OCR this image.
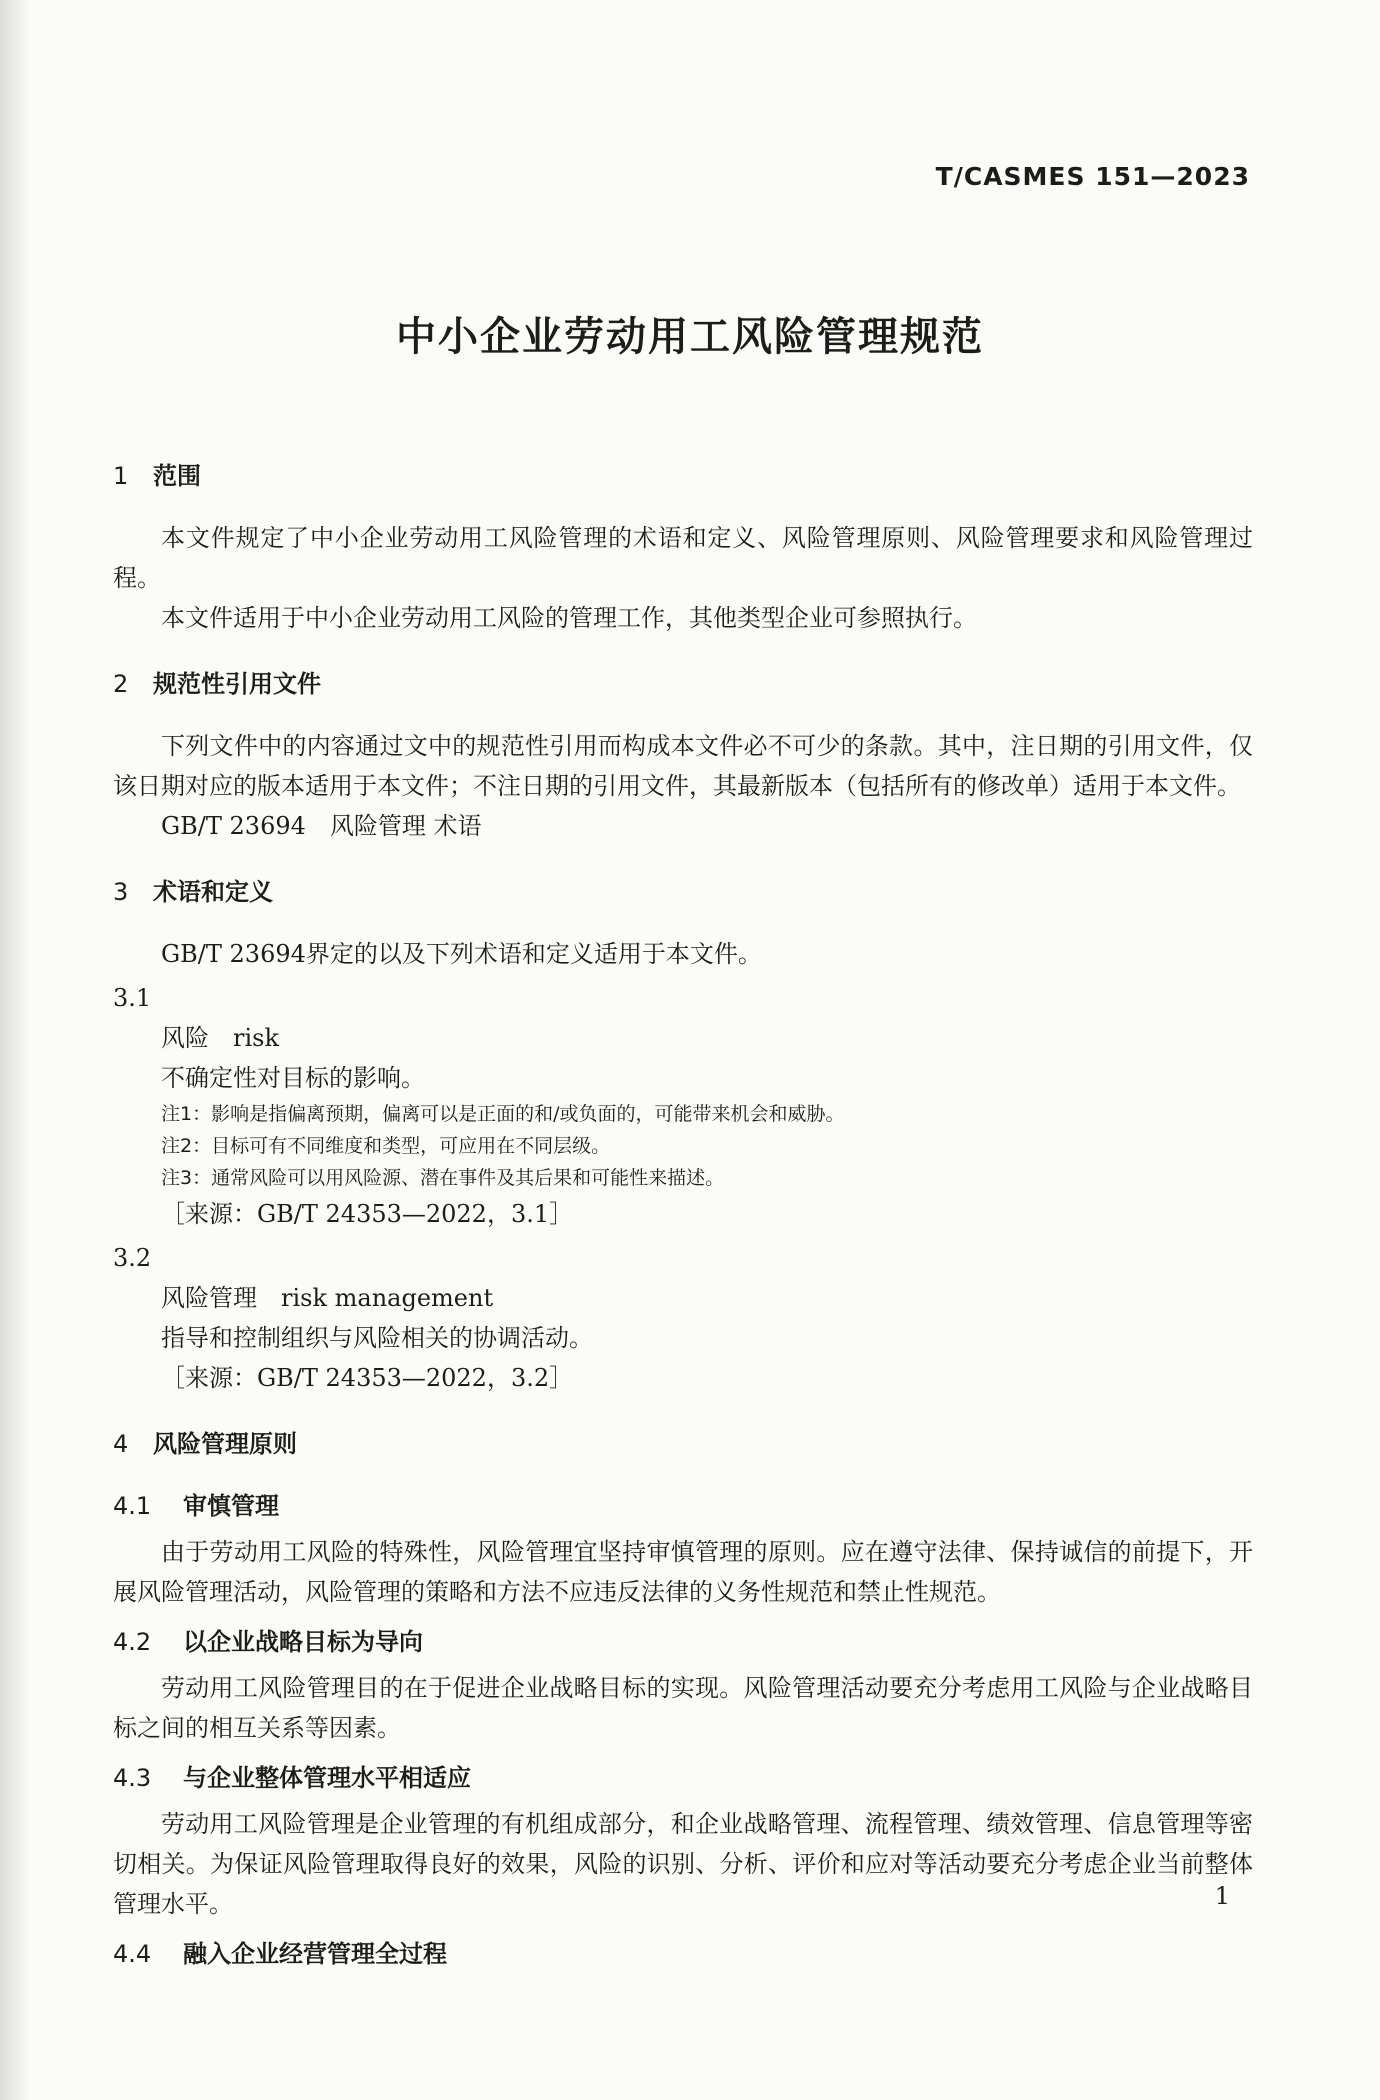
T/CASMES 151—2023
中小企业劳动用工风险管理规范
1 范围

本文件规定了中小企业劳动用工风险管理的术语和定义、风险管理原则、风险管理要求和风险管理过程。

本文件适用于中小企业劳动用工风险的管理工作，其他类型企业可参照执行。

2 规范性引用文件

下列文件中的内容通过文中的规范性引用而构成本文件必不可少的条款。其中，注日期的引用文件，仅该日期对应的版本适用于本文件；不注日期的引用文件，其最新版本（包括所有的修改单）适用于本文件。

GB/T 23694　风险管理 术语

3 术语和定义

GB/T 23694界定的以及下列术语和定义适用于本文件。

3.1
风险 risk
不确定性对目标的影响。
注1：影响是指偏离预期，偏离可以是正面的和/或负面的，可能带来机会和威胁。
注2：目标可有不同维度和类型，可应用在不同层级。
注3：通常风险可以用风险源、潜在事件及其后果和可能性来描述。
［来源：GB/T 24353—2022，3.1］
3.2
风险管理 risk management
指导和控制组织与风险相关的协调活动。
［来源：GB/T 24353—2022，3.2］
4 风险管理原则
4.1 审慎管理

由于劳动用工风险的特殊性，风险管理宜坚持审慎管理的原则。应在遵守法律、保持诚信的前提下，开展风险管理活动，风险管理的策略和方法不应违反法律的义务性规范和禁止性规范。

4.2 以企业战略目标为导向

劳动用工风险管理目的在于促进企业战略目标的实现。风险管理活动要充分考虑用工风险与企业战略目标之间的相互关系等因素。

4.3 与企业整体管理水平相适应

劳动用工风险管理是企业管理的有机组成部分，和企业战略管理、流程管理、绩效管理、信息管理等密切相关。为保证风险管理取得良好的效果，风险的识别、分析、评价和应对等活动要充分考虑企业当前整体管理水平。

4.4 融入企业经营管理全过程
1
